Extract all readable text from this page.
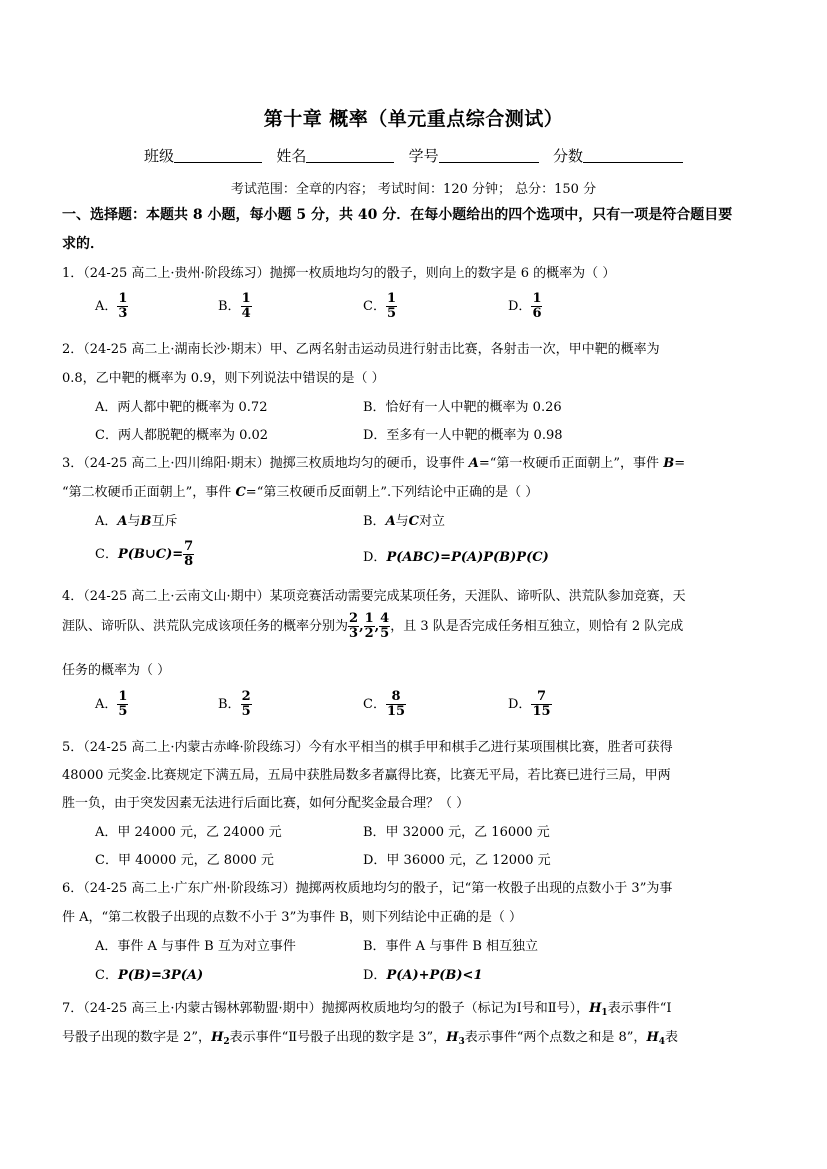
第十章 概率（单元重点综合测试）
班级	姓名	学号	分数
考试范围：全章的内容； 考试时间：120 分钟； 总分：150 分
一、选择题：本题共 8 小题，每小题 5 分，共 40 分．在每小题给出的四个选项中，只有一项是符合题目要
求的．
1．（24-25 高二上·贵州·阶段练习）抛掷一枚质地均匀的骰子，则向上的数字是 6 的概率为（ ）
A． $\frac{1}{3}$	B． $\frac{1}{4}$	C． $\frac{1}{5}$	D． $\frac{1}{6}$
2．（24-25 高二上·湖南长沙·期末）甲、乙两名射击运动员进行射击比赛，各射击一次，甲中靶的概率为
0.8，乙中靶的概率为 0.9，则下列说法中错误的是（ ）
A．两人都中靶的概率为 0.72	B．恰好有一人中靶的概率为 0.26
C．两人都脱靶的概率为 0.02	D．至多有一人中靶的概率为 0.98
3．（24-25 高二上·四川绵阳·期末）抛掷三枚质地均匀的硬币，设事件 A=“第一枚硬币正面朝上”，事件 B=
“第二枚硬币正面朝上”，事件 C=“第三枚硬币反面朝上”.下列结论中正确的是（ ）
A．A与B互斥	B．A与C对立
C．P(B∪C)= $\frac{7}{8}$	D．P(ABC)=P(A)P(B)P(C)
4．（24-25 高二上·云南文山·期中）某项竞赛活动需要完成某项任务，天涯队、谛听队、洪荒队参加竞赛，天
涯队、谛听队、洪荒队完成该项任务的概率分别为 $\frac{2}{3}$ , $\frac{1}{2}$ , $\frac{4}{5}$ ，且 3 队是否完成任务相互独立，则恰有 2 队完成
任务的概率为（ ）
A． $\frac{1}{5}$	B． $\frac{2}{5}$	C． $\frac{8}{15}$	D． $\frac{7}{15}$
5．（24-25 高二上·内蒙古赤峰·阶段练习）今有水平相当的棋手甲和棋手乙进行某项围棋比赛，胜者可获得
48000 元奖金.比赛规定下满五局，五局中获胜局数多者赢得比赛，比赛无平局，若比赛已进行三局，甲两
胜一负，由于突发因素无法进行后面比赛，如何分配奖金最合理？（ ）
A．甲 24000 元，乙 24000 元	B．甲 32000 元，乙 16000 元
C．甲 40000 元，乙 8000 元	D．甲 36000 元，乙 12000 元
6．（24-25 高二上·广东广州·阶段练习）抛掷两枚质地均匀的骰子，记“第一枚骰子出现的点数小于 3”为事
件 A，“第二枚骰子出现的点数不小于 3”为事件 B，则下列结论中正确的是（ ）
A．事件 A 与事件 B 互为对立事件	B．事件 A 与事件 B 相互独立
C．P(B)=3P(A)	D．P(A)+P(B)<1
7．（24-25 高三上·内蒙古锡林郭勒盟·期中）抛掷两枚质地均匀的骰子（标记为Ⅰ号和Ⅱ号），$H_1$表示事件“Ⅰ
号骰子出现的数字是 2”，$H_2$表示事件“Ⅱ号骰子出现的数字是 3”，$H_3$表示事件“两个点数之和是 8”，$H_4$表
